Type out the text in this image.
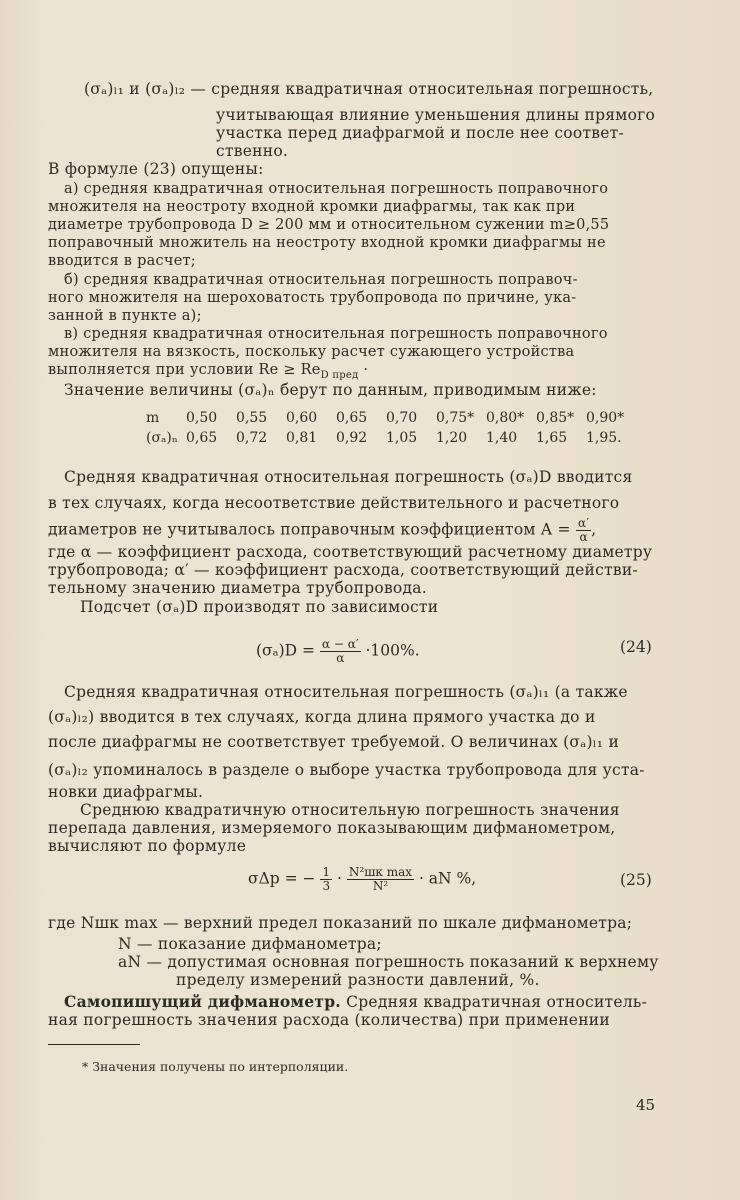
(σₐ)ₗ₁ и (σₐ)ₗ₂ — средняя квадратичная относительная погрешность,
учитывающая влияние уменьшения длины прямого
участка перед диафрагмой и после нее соответ-
ственно.
В формуле (23) опущены:
а) средняя квадратичная относительная погрешность поправочного
множителя на неостроту входной кромки диафрагмы, так как при
диаметре трубопровода D ≥ 200 мм и относительном сужении m≥0,55
поправочный множитель на неостроту входной кромки диафрагмы не
вводится в расчет;
б) средняя квадратичная относительная погрешность поправоч-
ного множителя на шероховатость трубопровода по причине, ука-
занной в пункте а);
в) средняя квадратичная относительная погрешность поправочного
множителя на вязкость, поскольку расчет сужающего устройства
выполняется при условии $Re \ge Re_{D пред}$ ·
Значение величины (σₐ)ₙ берут по данным, приводимым ниже:
m 0,50 0,55 0,60 0,65 0,70 0,75* 0,80* 0,85* 0,90*
(σₐ)ₙ 0,65 0,72 0,81 0,92 1,05 1,20 1,40 1,65 1,95.
Средняя квадратичная относительная погрешность (σₐ)D вводится
в тех случаях, когда несоответствие действительного и расчетного
диаметров не учитывалось поправочным коэффициентом $A = \frac{\alpha'}{\alpha}$ ,
где α — коэффициент расхода, соответствующий расчетному диаметру
трубопровода; α′ — коэффициент расхода, соответствующий действи-
тельному значению диаметра трубопровода.
Подсчет (σₐ)D производят по зависимости
$(\sigma_a)D = \frac{\alpha - \alpha'}{\alpha} \cdot 100\%$.	(24)
Средняя квадратичная относительная погрешность (σₐ)ₗ₁ (а также
(σₐ)ₗ₂) вводится в тех случаях, когда длина прямого участка до и
после диафрагмы не соответствует требуемой. О величинах (σₐ)ₗ₁ и
(σₐ)ₗ₂ упоминалось в разделе о выборе участка трубопровода для уста-
новки диафрагмы.
Среднюю квадратичную относительную погрешность значения
перепада давления, измеряемого показывающим дифманометром,
вычисляют по формуле
σΔp = − $\frac{1}{3} \cdot \frac{\text{N²шк max}}{\text{N²}}$ · aN %,	(25)
где Nшк max — верхний предел показаний по шкале дифманометра;
N — показание дифманометра;
aN — допустимая основная погрешность показаний к верхнему
пределу измерений разности давлений, %.
Самопишущий дифманометр. Средняя квадратичная относитель-
ная погрешность значения расхода (количества) при применении
* Значения получены по интерполяции.
45
